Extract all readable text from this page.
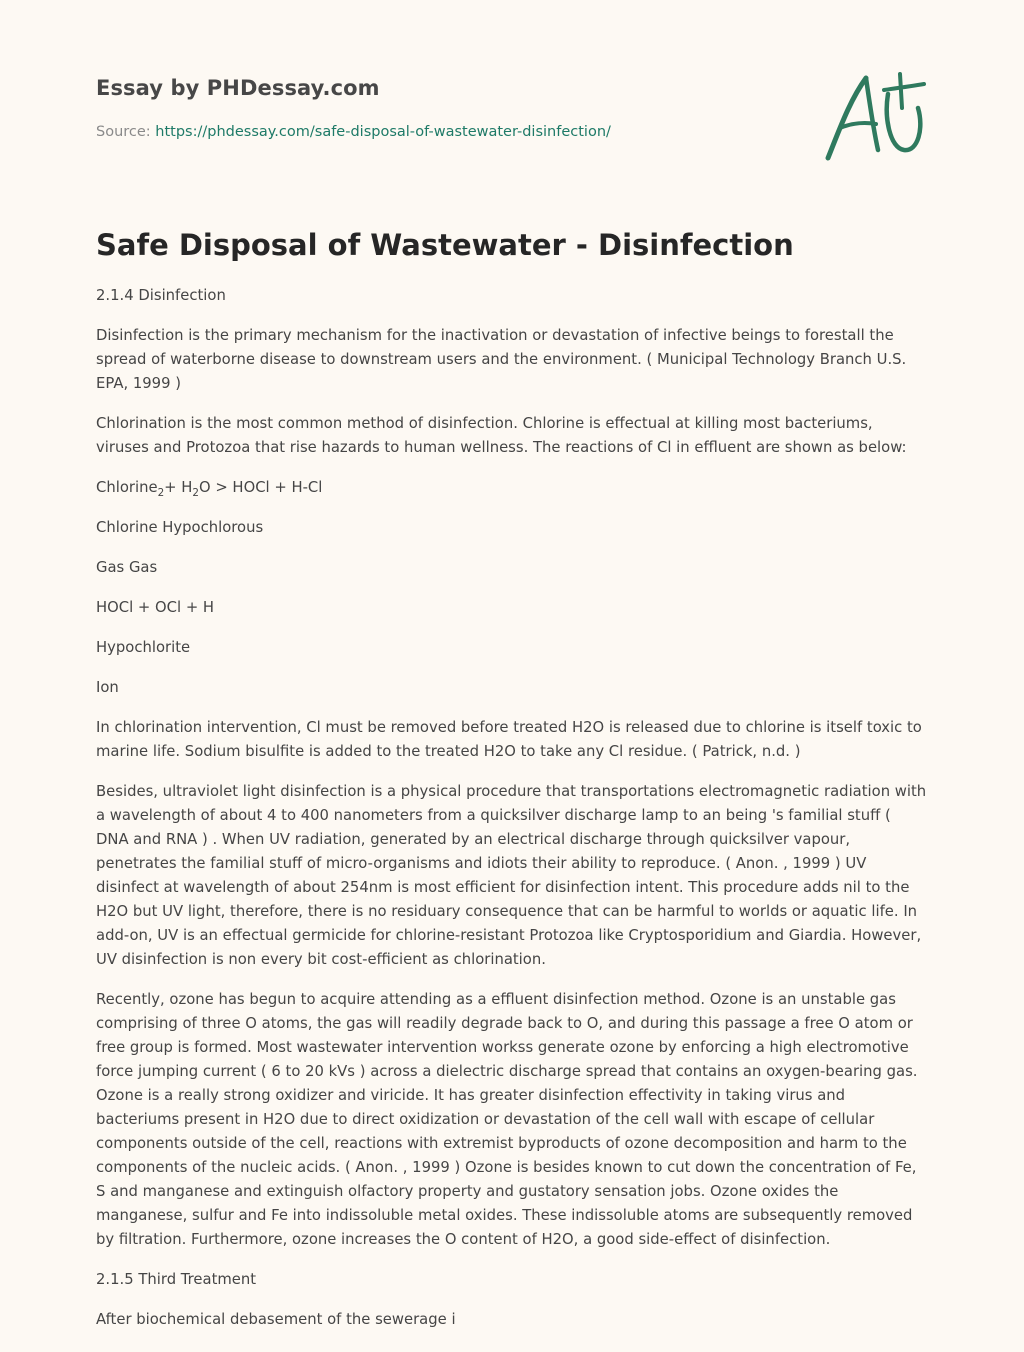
Essay by PHDessay.com
Source: https://phdessay.com/safe-disposal-of-wastewater-disinfection/
Safe Disposal of Wastewater - Disinfection

2.1.4 Disinfection

Disinfection is the primary mechanism for the inactivation or devastation of infective beings to forestall the spread of waterborne disease to downstream users and the environment. ( Municipal Technology Branch U.S. EPA, 1999 )

Chlorination is the most common method of disinfection. Chlorine is effectual at killing most bacteriums, viruses and Protozoa that rise hazards to human wellness. The reactions of Cl in effluent are shown as below:

Chlorine$_2$+ $H_2O$ > HOCl + H-Cl

Chlorine Hypochlorous

Gas Gas

HOCl + OCl + H

Hypochlorite

Ion

In chlorination intervention, Cl must be removed before treated H2O is released due to chlorine is itself toxic to marine life. Sodium bisulfite is added to the treated H2O to take any Cl residue. ( Patrick, n.d. )

Besides, ultraviolet light disinfection is a physical procedure that transportations electromagnetic radiation with a wavelength of about 4 to 400 nanometers from a quicksilver discharge lamp to an being 's familial stuff ( DNA and RNA ) . When UV radiation, generated by an electrical discharge through quicksilver vapour, penetrates the familial stuff of micro-organisms and idiots their ability to reproduce. ( Anon. , 1999 ) UV disinfect at wavelength of about 254nm is most efficient for disinfection intent. This procedure adds nil to the H2O but UV light, therefore, there is no residuary consequence that can be harmful to worlds or aquatic life. In add-on, UV is an effectual germicide for chlorine-resistant Protozoa like Cryptosporidium and Giardia. However, UV disinfection is non every bit cost-efficient as chlorination.

Recently, ozone has begun to acquire attending as a effluent disinfection method. Ozone is an unstable gas comprising of three O atoms, the gas will readily degrade back to O, and during this passage a free O atom or free group is formed. Most wastewater intervention workss generate ozone by enforcing a high electromotive force jumping current ( 6 to 20 kVs ) across a dielectric discharge spread that contains an oxygen-bearing gas. Ozone is a really strong oxidizer and viricide. It has greater disinfection effectivity in taking virus and bacteriums present in H2O due to direct oxidization or devastation of the cell wall with escape of cellular components outside of the cell, reactions with extremist byproducts of ozone decomposition and harm to the components of the nucleic acids. ( Anon. , 1999 ) Ozone is besides known to cut down the concentration of Fe, S and manganese and extinguish olfactory property and gustatory sensation jobs. Ozone oxides the manganese, sulfur and Fe into indissoluble metal oxides. These indissoluble atoms are subsequently removed by filtration. Furthermore, ozone increases the O content of H2O, a good side-effect of disinfection.

2.1.5 Third Treatment

After biochemical debasement of the sewerage i
